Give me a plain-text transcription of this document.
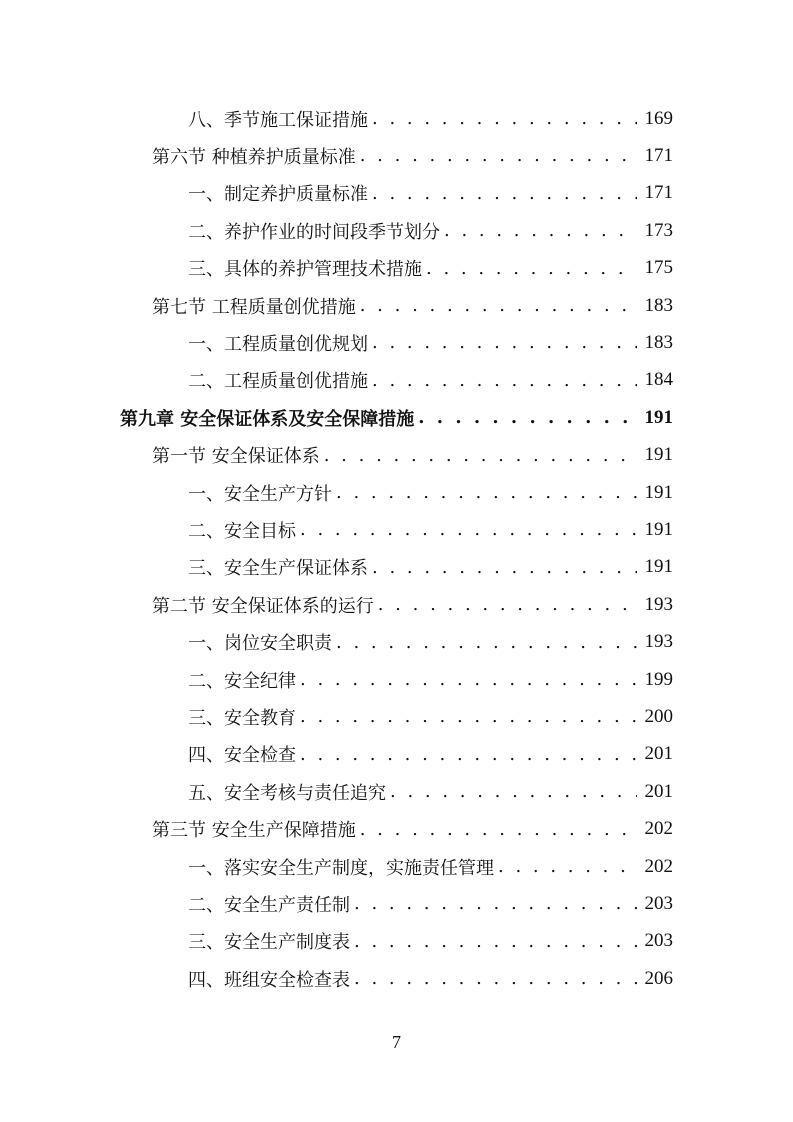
八、季节施工保证措施 . . .	169
第六节 种植养护质量标准 . . .	171
一、制定养护质量标准 . . .	171
二、养护作业的时间段季节划分 . . .	173
三、具体的养护管理技术措施 . . .	175
第七节 工程质量创优措施 . . .	183
一、工程质量创优规划 . . .	183
二、工程质量创优措施 . . .	184
第九章 安全保证体系及安全保障措施 . . .	191
第一节 安全保证体系 . . .	191
一、安全生产方针 . . .	191
二、安全目标 . . .	191
三、安全生产保证体系 . . .	191
第二节 安全保证体系的运行 . . .	193
一、岗位安全职责 . . .	193
二、安全纪律 . . .	199
三、安全教育 . . .	200
四、安全检查 . . .	201
五、安全考核与责任追究 . . .	201
第三节 安全生产保障措施 . . .	202
一、落实安全生产制度，实施责任管理 . . .	202
二、安全生产责任制 . . .	203
三、安全生产制度表 . . .	203
四、班组安全检查表 . . .	206
7
